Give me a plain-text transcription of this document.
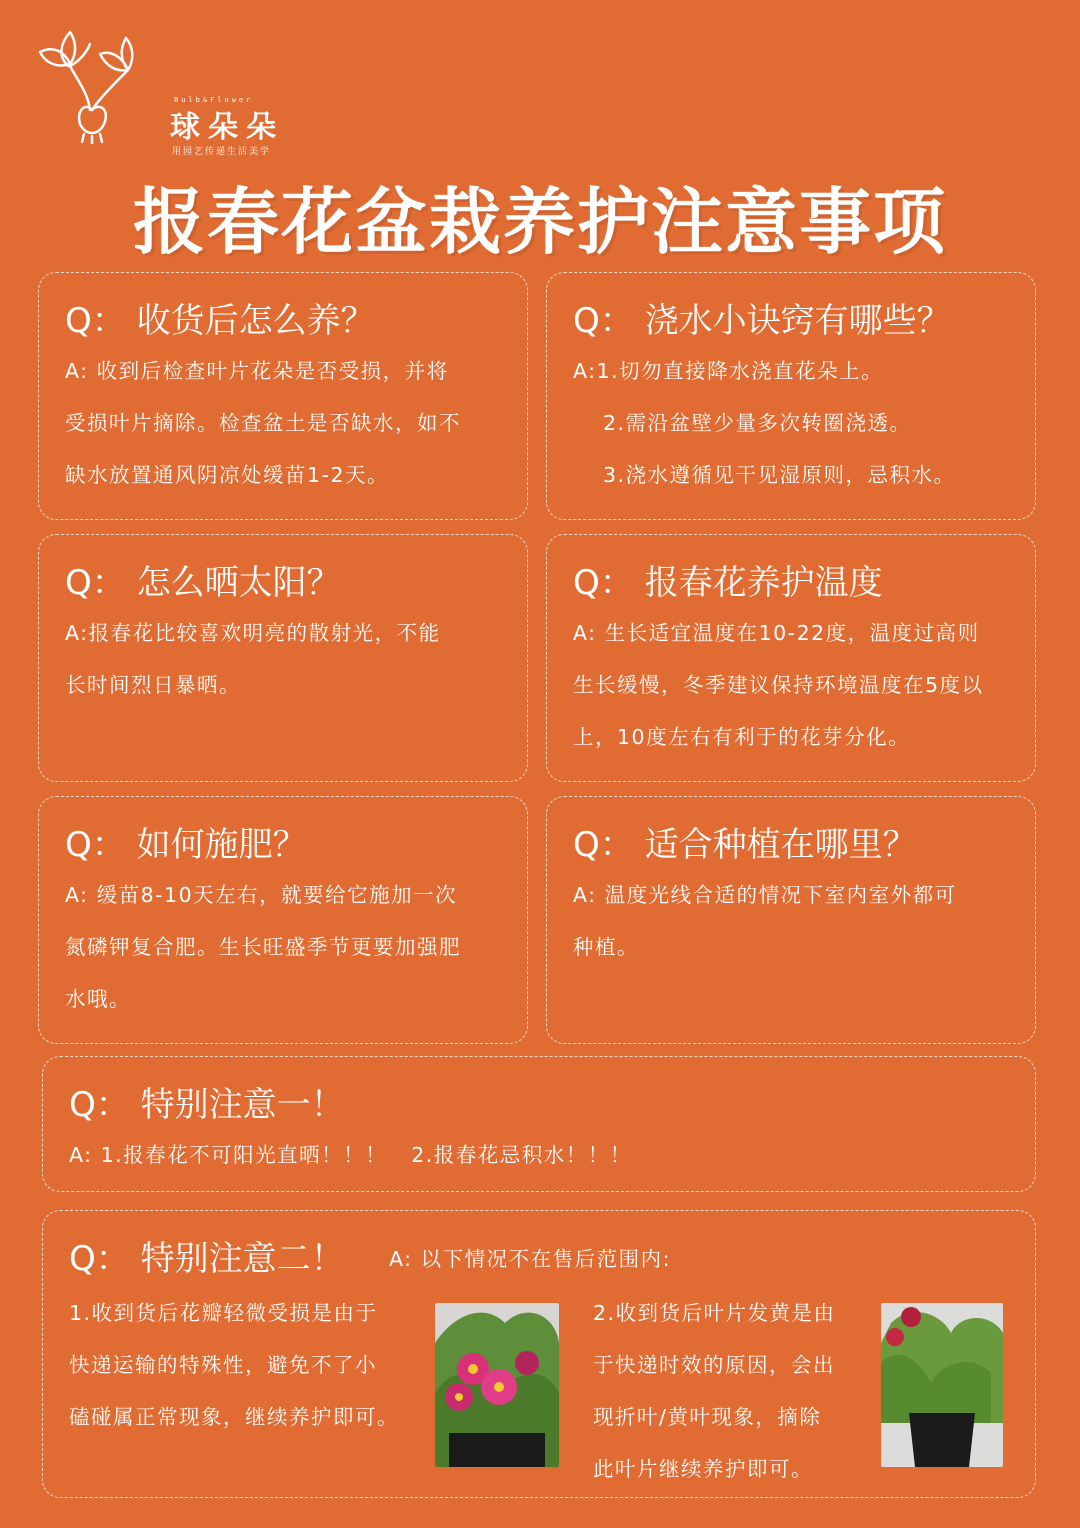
Bulb&Flower
球朵朵
用园艺传递生活美学
报春花盆栽养护注意事项
Q： 收货后怎么养？
A: 收到后检查叶片花朵是否受损，并将
受损叶片摘除。检查盆土是否缺水，如不
缺水放置通风阴凉处缓苗1-2天。
Q： 浇水小诀窍有哪些？
A:1.切勿直接降水浇直花朵上。
2.需沿盆壁少量多次转圈浇透。
3.浇水遵循见干见湿原则，忌积水。
Q： 怎么晒太阳？
A:报春花比较喜欢明亮的散射光，不能
长时间烈日暴晒。
Q： 报春花养护温度
A: 生长适宜温度在10-22度，温度过高则
生长缓慢，冬季建议保持环境温度在5度以
上，10度左右有利于的花芽分化。
Q： 如何施肥？
A: 缓苗8-10天左右，就要给它施加一次
氮磷钾复合肥。生长旺盛季节更要加强肥
水哦。
Q： 适合种植在哪里？
A: 温度光线合适的情况下室内室外都可
种植。
Q： 特别注意一！
A: 1.报春花不可阳光直晒！！！   2.报春花忌积水！！！
Q： 特别注意二！ A: 以下情况不在售后范围内:
1.收到货后花瓣轻微受损是由于
快递运输的特殊性，避免不了小
磕碰属正常现象，继续养护即可。
2.收到货后叶片发黄是由
于快递时效的原因，会出
现折叶/黄叶现象，摘除
此叶片继续养护即可。
